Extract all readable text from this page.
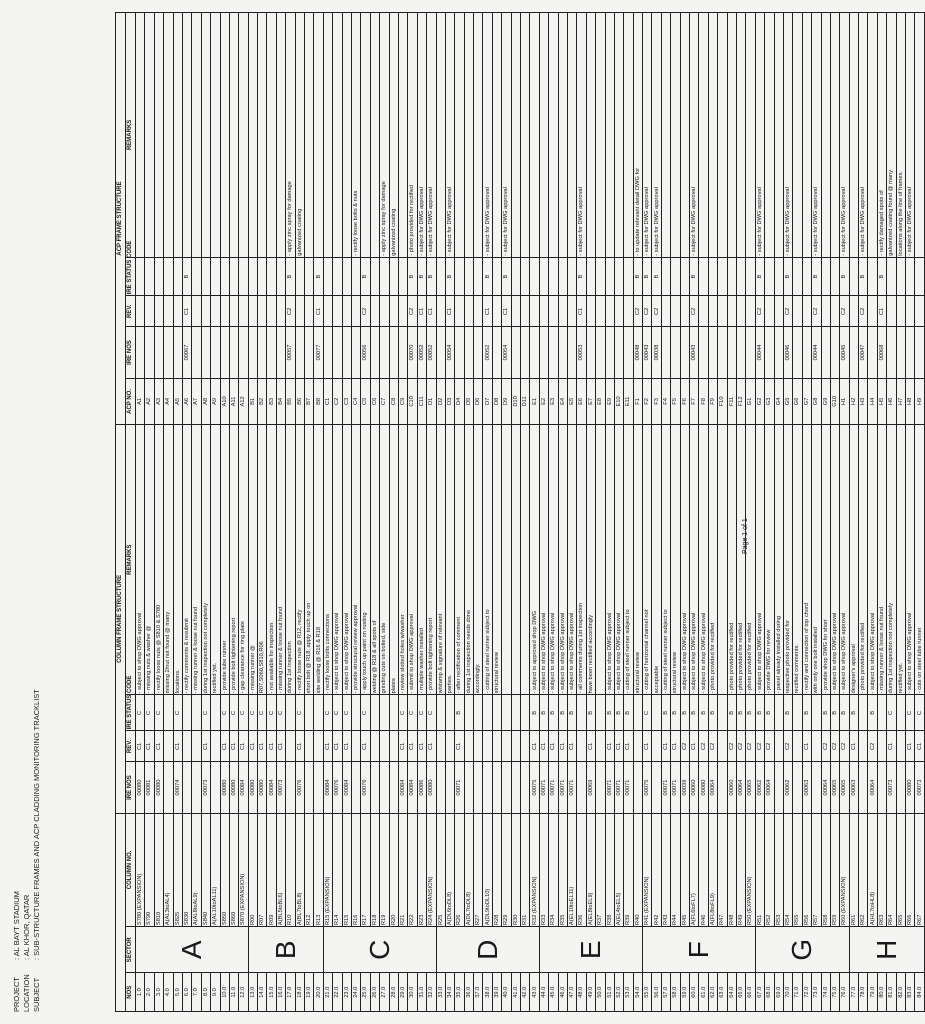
PROJECT: AL BAYT STADIUM
LOCATION: AL KHOR, QATAR
SUBJECT: SUB-STRUCTURE FRAMES AND ACP CLADDING MONITORING TRACKLIST
			COLUMN FRAME STRUCTURE				ACP FRAME STRUCTURE				
NOS	SECTOR	COLUMN NO.	IRE NOS	REV.	IRE STATUS CODE	REMARKS	ACP NO.	IRE NOS	REV.	IRE STATUS CODE	REMARKS
1.0	A	S780 (EXPANSION)	00080	C1	C	- subject to shop DWG approval	A1				
2.0		S790	00081	C1	C	- missing nuts & washer @	A2				
3.0		S810	00080	C1	C	- rectify loose nuts @ S810 & S780	A3				
4.0		A(AL3toAL4)				missing 2/nut not found @ many	A4				
5.0		S825	00074	C1	C	locations.	A5				
6.0		S830				- rectify comments & resubmit	A6	00067	C1	B	
7.0		A(AL8toAL9)				- missing runner & loose nut found	A7				
8.0		S840	00073	C1	C	during 1st inspection not completely	A8				
9.0		A(AL10toAL11)				rectified yet.	A9				
10.0		S850	00080	C1	C	- provide tube runner	A10				
11.0		S860	00080	C1	C	- provide bolt tightening report	A11				
12.0		S870 (EXPANSION)	00084	C1	C	- gap clearance for ring plate	A12				
13.0	B	R00	00080	C1	C	- missing runner @	B1				
14.0		R07	00080	C1	C	R07,S060,S810,R06	B2				
15.0		R09	00084	C1	C	- not available for inspection	B3				
16.0		A(BL5toBL6)	00073	C1	C	- missing runner & loose nut found	B4				
17.0		R10				during 1st inspection	B5	00057	C2	B	- apply zinc spray for damage
18.0		A(BL7toBL8)	00076	C1	C	- rectify loose nuts @ R12, rectify	B6				galvanized coating
19.0		R12				short bolt @ R18, apply touch up on	B7				
20.0		R13				site welding @ R16 & R18	B8	00077	C1	B	
21.0	C	R15 (EXPANSION)	00084	C1	C	- rectify loose bolts connections	C1				
22.0		R14	00076	C1	C	- subject to shop DWG approval	C2				
23.0		R15	00084	C1	C	- subject to shop DWG approval	C3				
24.0		R16				- provide structural review approval	C4				- rectify loose bolts & nuts
25.0		R17	00076	C1	C	- apply touch up paint on rusting	C5	00056	C2	B	
26.0		R18				welding @ R18 & all spots of	C6				
27.0		R19				grinding cuts on bolted, side	C7				- apply zinc spray for damage
28.0		R20				plates	C8				galvanized coating
29.0		R21	00084	C1	C	- review slotted holes w/washer	C9				
30.0		R22	00084	C1	C	- submit to shop DWG approval	C10	00070	C2	B	- photo provided for rectified
31.0		R23	00086	C1	C	- multiple washer installed	C11	00052	C1	B	- subject for DWG approval
32.0		R24 (EXPANSION)	00080	C1	C	- provide bolt tightening report	D1	00052	C1	B	- subject for DWG approval
33.0	D	R25				w/stamp & signature of relevant	D2				
34.0		A(DL6toDL8)				parties.	D3	00054	C1	B	- subject for DWG approval
35.0		R26	00071	C1	B	- after rectification of comment	D4				
36.0		A(DL7toDL8)				during 1st inspection needs done	D5				
37.0		R27				accordingly.	D6				
38.0		A(DL9toDL10)				- cutting of steel runner subject to	D7	00052	C1	B	- subject for DWG approval
39.0		R28				structural review	D8				
40.0		R29					D9	00054	C1	B	- subject for DWG approval
41.0		R30					D10				
42.0		R31					D11				
43.0		R32 (EXPANSION)	00075	C1	B	- subject to approved shop DWG	E1				
44.0	E	R33	00071	C1	B	- subject to shop DWG approval	E2				
45.0		R34	00071	C1	B	- subject to shop DWG approval	E3				
46.0		R35	00071	C1	B	- subject to shop DWG approval	E4				
47.0		A(EL10toEL11)	00071	C1	B	- subject to shop DWG approval	E5				
48.0		R36				- all comments during 1st inspection	E6	00053	C1	B	- subject for DWG approval
49.0		A(EL8toEL9)	00069	C1	B	have been rectified accordingly	E7				
50.0		R37					E8				
51.0		R38	00071	C1	B	- subject to shop DWG approval	E9				
52.0		A(EL4toEL5)	00071	C1	B	- subject to shop DWG approval	E10				
53.0		R39	00071	C1	B	- cutting of steel runner subject to	E11				
54.0		R40				structural review	F1	00048	C2	B	- to update relevant detail DWG for
55.0	F	R41 (EXPANSION)	00075	C1	C	- cutting of horizontal channel not	F2	00043	C2	B	- subject for DWG approval
56.0		R42				acceptable	F3	00038	C2	B	- subject for DWG approval
57.0		R43	00071	C1	B	- cutting of steel runner subject to	F4				
58.0		R44	00071	C1	B	structural review	F5				
59.0		R45	00039	C2	B	- subject to shop DWG approval	F6				
60.0		A(FL6toFL7)	00060	C1	B	- subject to shop DWG approval	F7	00043	C2	B	- subject for DWG approval
61.0		R46	00080	C2	B	- subject to shop DWG approval	F8				
62.0		A(FL8toFL9)	00064	C2	B	- photo provided for rectified	F9				
63.0		R47					F10				
64.0		R48	00060	C2	B	- photo provided for rectified	F11				
65.0		R49	00064	C2	B	- photo provided for rectified	F12				
66.0		R50 (EXPANSION)	00065	C2	B	- photo provided for rectified	G1				
67.0	G	R51	00062	C2	B	- subject to shop DWG approval	G2	00044	C2	B	- subject for DWG approval
68.0		R52	00064	C2	B	- provide DWG for review	G3				
69.0		R53				- panel already installed during	G4				
70.0		R54	00062	C2	B	respective photo provided for	G5	00046	C2	B	- subject for DWG approval
71.0		R55				rectified comments.	G6				
72.0		R56	00063	C1	B	- rectify and connection of top chord	G7				
73.0		R57				with only one bolt installed	G8	00044	C2	B	- subject for DWG approval
74.0		R58	00064	C2	B	- provide shop DWG for short	G9				
75.0		R59	00065	C2	B	- subject to shop DWG approval	G10				
76.0		R60 (EXPANSION)	00065	C2	B	- subject to shop DWG approval	H1	00045	C2	B	- subject for DWG approval
77.0	H	R61	00063	C1	B	designer's approval	H2				
78.0		R62				- photo provided for rectified	H3	00047	C2	B	- subject for DWG approval
79.0		A(HL7toHL8)	00064	C2	B	- subject to shop DWG approval	H4				
80.0		R63				- missing runner & loose nut found	H5	00068	C1	B	- rectify damaged spots of
81.0		R64	00073	C1	C	during 1st inspection not completely	H6				galvanized coating found @ many
82.0		R65				rectified yet.	H7				locations along the line of frames.
83.0		R66	00080	C1	C	- subject to shop DWG approval	H8				- subject for DWG approval
84.0		R67	00073	C1	C	- cuts on steel tube runner	H9				
Page 1 of 1
